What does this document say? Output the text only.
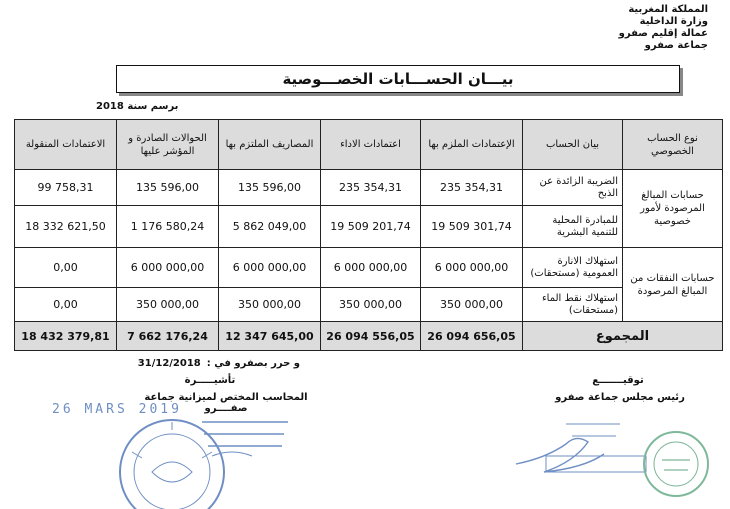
المملكة المغربية
وزارة الداخلية
عمالة إقليم صفرو
جماعة صفرو
بيـــان الحســـابات الخصـــوصية
برسم سنة 2018
الاعتمادات المنقولة	الحوالات الصادرة و المؤشر عليها	المصاريف الملتزم بها	اعتمادات الاداء	الإعتمادات الملزم بها	بيان الحساب	نوع الحساب الخصوصي
99 758,31	135 596,00	135 596,00	235 354,31	235 354,31	الضريبة الزائدة عن الذبح	حسابات المبالغ المرصودة لأمور خصوصية
18 332 621,50	1 176 580,24	5 862 049,00	19 509 201,74	19 509 301,74	للمبادرة المحلية للتنمية البشرية	
0,00	6 000 000,00	6 000 000,00	6 000 000,00	6 000 000,00	استهلاك الانارة العمومية (مستحقات)	حسابات النفقات من المبالغ المرصودة
0,00	350 000,00	350 000,00	350 000,00	350 000,00	استهلاك نقط الماء (مستحقات)	
18 432 379,81	7 662 176,24	12 347 645,00	26 094 556,05	26 094 656,05	المجموع	
و حرر بصفرو في :
31/12/2018
تأشيـــــرة
المحاسب المختص لميزانية جماعة صفــــرو
توقيـــــــع
رئيس مجلس جماعة صفرو
26 MARS 2019
